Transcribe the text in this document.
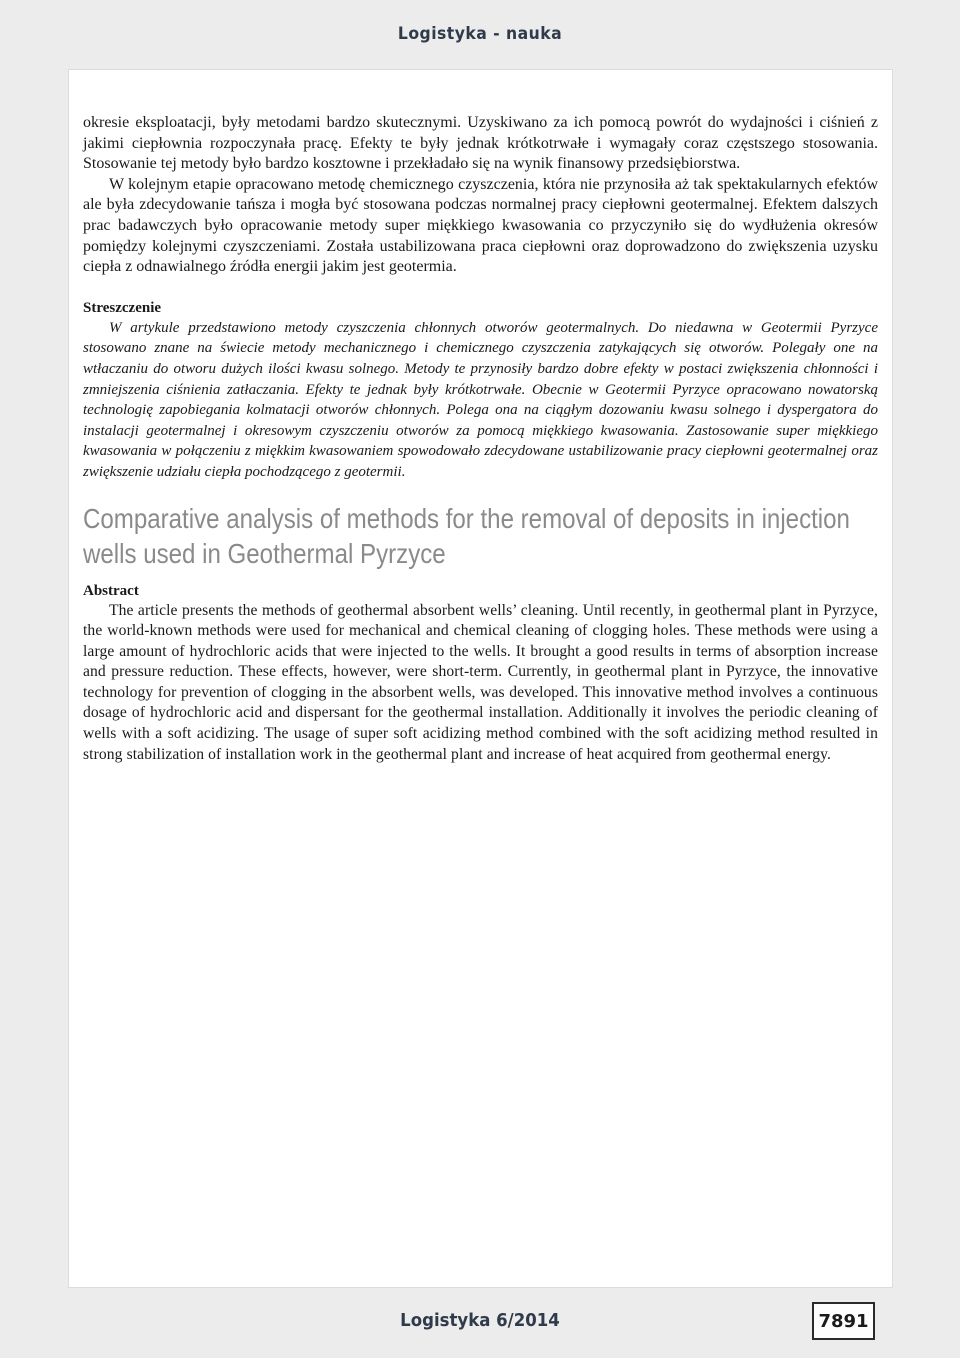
Logistyka - nauka

okresie eksploatacji, były metodami bardzo skutecznymi. Uzyskiwano za ich pomocą powrót do wydajności i ciśnień z jakimi ciepłownia rozpoczynała pracę. Efekty te były jednak krótkotrwałe i wymagały coraz częstszego stosowania. Stosowanie tej metody było bardzo kosztowne i przekładało się na wynik finansowy przedsiębiorstwa.

W kolejnym etapie opracowano metodę chemicznego czyszczenia, która nie przynosiła aż tak spektakularnych efektów ale była zdecydowanie tańsza i mogła być stosowana podczas normalnej pracy ciepłowni geotermalnej. Efektem dalszych prac badawczych było opracowanie metody super miękkiego kwasowania co przyczyniło się do wydłużenia okresów pomiędzy kolejnymi czyszczeniami. Została ustabilizowana praca ciepłowni oraz doprowadzono do zwiększenia uzysku ciepła z odnawialnego źródła energii jakim jest geotermia.

Streszczenie

W artykule przedstawiono metody czyszczenia chłonnych otworów geotermalnych. Do niedawna w Geotermii Pyrzyce stosowano znane na świecie metody mechanicznego i chemicznego czyszczenia zatykających się otworów. Polegały one na wtłaczaniu do otworu dużych ilości kwasu solnego. Metody te przynosiły bardzo dobre efekty w postaci zwiększenia chłonności i zmniejszenia ciśnienia zatłaczania. Efekty te jednak były krótkotrwałe. Obecnie w Geotermii Pyrzyce opracowano nowatorską technologię zapobiegania kolmatacji otworów chłonnych. Polega ona na ciągłym dozowaniu kwasu solnego i dyspergatora do instalacji geotermalnej i okresowym czyszczeniu otworów za pomocą miękkiego kwasowania. Zastosowanie super miękkiego kwasowania w połączeniu z miękkim kwasowaniem spowodowało zdecydowane ustabilizowanie pracy ciepłowni geotermalnej oraz zwiększenie udziału ciepła pochodzącego z geotermii.

Comparative analysis of methods for the removal of deposits in injection wells used in Geothermal Pyrzyce

Abstract

The article presents the methods of geothermal absorbent wells’ cleaning. Until recently, in geothermal plant in Pyrzyce, the world-known methods were used for mechanical and chemical cleaning of clogging holes. These methods were using a large amount of hydrochloric acids that were injected to the wells. It brought a good results in terms of absorption increase and pressure reduction. These effects, however, were short-term. Currently, in geothermal plant in Pyrzyce, the innovative technology for prevention of clogging in the absorbent wells, was developed. This innovative method involves a continuous dosage of hydrochloric acid and dispersant for the geothermal installation. Additionally it involves the periodic cleaning of wells with a soft acidizing. The usage of super soft acidizing method combined with the soft acidizing method resulted in strong stabilization of installation work in the geothermal plant and increase of heat acquired from geothermal energy.

Logistyka 6/2014	7891
